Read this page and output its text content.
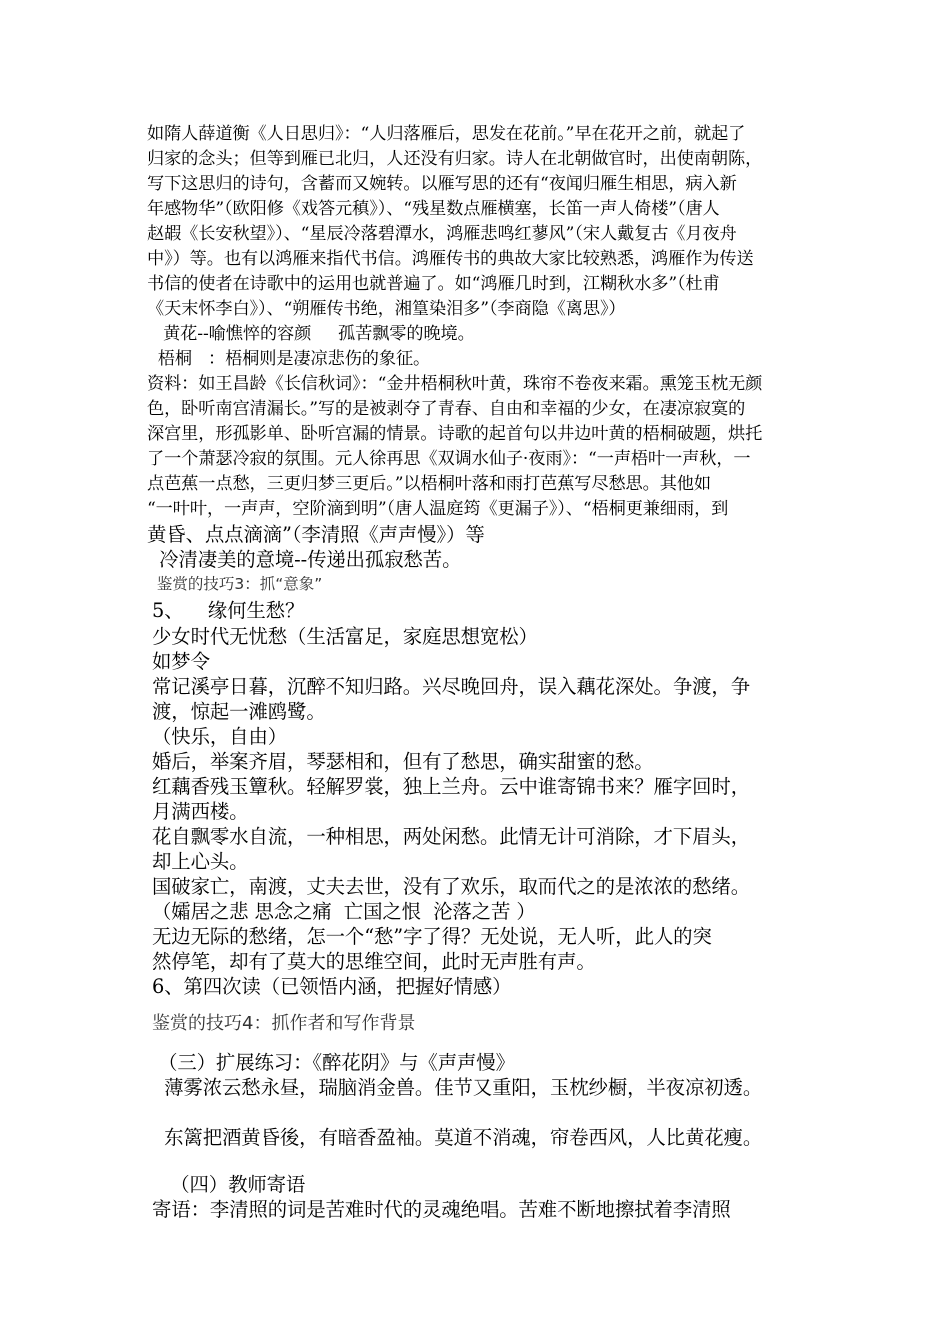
如隋人薛道衡《人日思归》：“人归落雁后，思发在花前。”早在花开之前，就起了
归家的念头；但等到雁已北归，人还没有归家。诗人在北朝做官时，出使南朝陈，
写下这思归的诗句，含蓄而又婉转。以雁写思的还有“夜闻归雁生相思，病入新
年感物华”（欧阳修《戏答元稹》）、“残星数点雁横塞，长笛一声人倚楼”（唐人
赵嘏《长安秋望》）、“星辰冷落碧潭水，鸿雁悲鸣红蓼风”（宋人戴复古《月夜舟
中》）等。也有以鸿雁来指代书信。鸿雁传书的典故大家比较熟悉，鸿雁作为传送
书信的使者在诗歌中的运用也就普遍了。如“鸿雁几时到，江糊秋水多”（杜甫
《天末怀李白》）、“朔雁传书绝，湘篁染泪多”（李商隐《离思》）
黄花--喻憔悴的容颜     孤苦飘零的晚境。
梧桐   ：梧桐则是凄凉悲伤的象征。
资料：如王昌龄《长信秋词》：“金井梧桐秋叶黄，珠帘不卷夜来霜。熏笼玉枕无颜
色，卧听南宫清漏长。”写的是被剥夺了青春、自由和幸福的少女，在凄凉寂寞的
深宫里，形孤影单、卧听宫漏的情景。诗歌的起首句以井边叶黄的梧桐破题，烘托
了一个萧瑟冷寂的氛围。元人徐再思《双调水仙子·夜雨》：“一声梧叶一声秋，一
点芭蕉一点愁，三更归梦三更后。”以梧桐叶落和雨打芭蕉写尽愁思。其他如
“一叶叶，一声声，空阶滴到明”（唐人温庭筠《更漏子》）、“梧桐更兼细雨，到
黄昏、点点滴滴”（李清照《声声慢》）等
冷清凄美的意境--传递出孤寂愁苦。
鉴赏的技巧3：抓“意象”
5、    缘何生愁？
少女时代无忧愁（生活富足，家庭思想宽松）
如梦令
常记溪亭日暮，沉醉不知归路。兴尽晚回舟，误入藕花深处。争渡，争
渡，惊起一滩鸥鹭。
（快乐，自由）
婚后，举案齐眉，琴瑟相和，但有了愁思，确实甜蜜的愁。
红藕香残玉簟秋。轻解罗裳，独上兰舟。云中谁寄锦书来？雁字回时，
月满西楼。
花自飘零水自流，一种相思，两处闲愁。此情无计可消除，才下眉头，
却上心头。
国破家亡，南渡，丈夫去世，没有了欢乐，取而代之的是浓浓的愁绪。
（孀居之悲 思念之痛  亡国之恨  沦落之苦 ）
无边无际的愁绪，怎一个“愁”字了得？无处说，无人听，此人的突
然停笔，却有了莫大的思维空间，此时无声胜有声。
6、第四次读（已领悟内涵，把握好情感）
鉴赏的技巧4：抓作者和写作背景
（三）扩展练习：《醉花阴》与《声声慢》
薄雾浓云愁永昼，瑞脑消金兽。佳节又重阳，玉枕纱橱，半夜凉初透。
东篱把酒黄昏後，有暗香盈袖。莫道不消魂，帘卷西风，人比黄花瘦。
（四）教师寄语
寄语：李清照的词是苦难时代的灵魂绝唱。苦难不断地擦拭着李清照
